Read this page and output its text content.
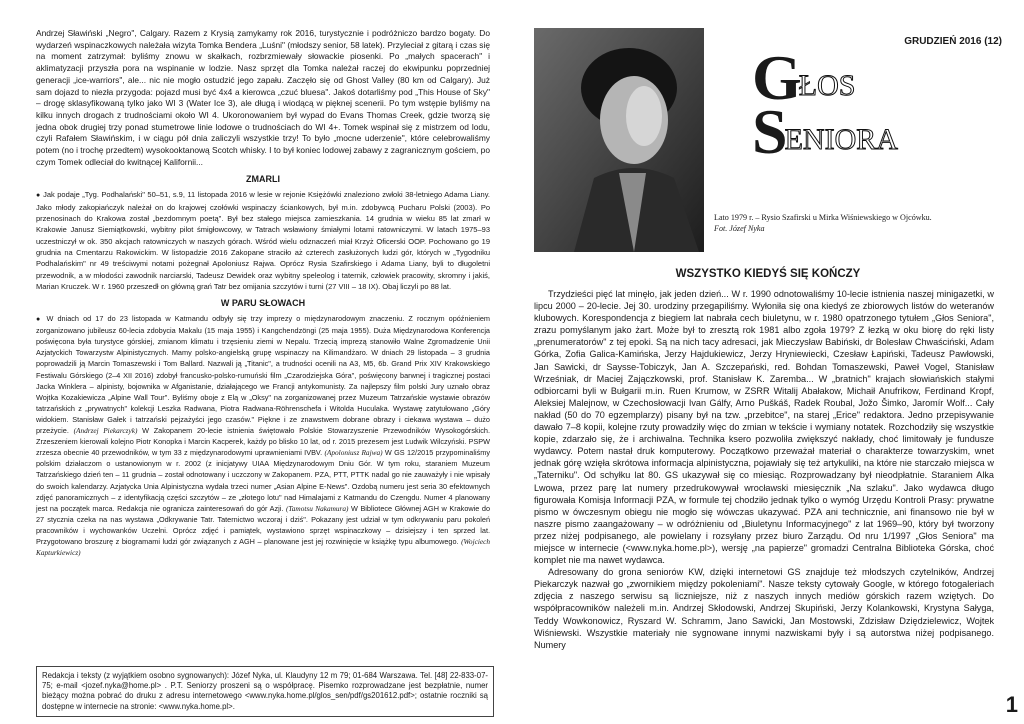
Andrzej Sławiński „Negro", Calgary. Razem z Krysią zamykamy rok 2016, turystycznie i podróżniczo bardzo bogaty. Do wydarzeń wspinaczkowych należała wizyta Tomka Bendera „Luśni" (młodszy senior, 58 latek). Przyleciał z gitarą i czas się na moment zatrzymał: byliśmy znowu w skałkach, rozbrzmiewały słowackie piosenki. Po „małych spacerach" i aklimatyzacji przyszła pora na wspinanie w lodzie. Nasz sprzęt dla Tomka należał raczej do ekwipunku poprzedniej generacji „ice-warriors", ale... nic nie mogło ostudzić jego zapału. Zaczęło się od Ghost Valley (80 km od Calgary). Już sam dojazd to niezła przygoda: pojazd musi być 4x4 a kierowca „czuć bluesa". Jakoś dotarliśmy pod „This House of Sky" – drogę sklasyfikowaną tylko jako WI 3 (Water Ice 3), ale długą i wiodącą w pięknej scenerii. Po tym wstępie byliśmy na kilku innych drogach z trudnościami około WI 4. Ukoronowaniem był wypad do Evans Thomas Creek, gdzie tworzą się jedna obok drugiej trzy ponad stumetrowe linie lodowe o trudnościach do WI 4+. Tomek wspinał się z mistrzem od lodu, czyli Rafałem Sławińskim, i w ciągu pół dnia zaliczyli wszystkie trzy! To było „mocne uderzenie", które celebrowaliśmy potem (no i trochę przedtem) wysokooktanową Scotch whisky. I to był koniec lodowej zabawy z zagranicznym gościem, po czym Tomek odleciał do kwitnącej Kalifornii...

ZMARLI

● Jak podaje „Tyg. Podhalański" 50–51, s.9, 11 listopada 2016 w lesie w rejonie Księżówki znaleziono zwłoki 38-letniego Adama Liany. Jako młody zakopiańczyk należał on do krajowej czołówki wspinaczy ściankowych, był m.in. zdobywcą Pucharu Polski (2003). Po przenosinach do Krakowa został „bezdomnym poetą". Był bez stałego miejsca zamieszkania. 14 grudnia w wieku 85 lat zmarł w Krakowie Janusz Siemiątkowski, wybitny pilot śmigłowcowy, w Tatrach wsławiony śmiałymi lotami ratowniczymi. W latach 1975–93 uczestniczył w ok. 350 akcjach ratowniczych w naszych górach. Wśród wielu odznaczeń miał Krzyż Oficerski OOP. Pochowano go 19 grudnia na Cmentarzu Rakowickim. W listopadzie 2016 Zakopane straciło aż czterech zasłużonych ludzi gór, których w „Tygodniku Podhalańskim" nr 49 treściwymi notami pożegnał Apoloniusz Rajwa. Oprócz Rysia Szafirskiego i Adama Liany, byli to długoletni przewodnik, a w młodości zawodnik narciarski, Tadeusz Dewidek oraz wybitny speleolog i taternik, człowiek pracowity, skromny i jakiś, Marian Kruczek. W r. 1960 przeszedł on główną grań Tatr bez omijania szczytów i turni (27 VIII – 18 IX). Obaj liczyli po 88 lat.

W PARU SŁOWACH

● W dniach od 17 do 23 listopada w Katmandu odbyły się trzy imprezy o międzynarodowym znaczeniu. Z rocznym opóźnieniem zorganizowano jubileusz 60-lecia zdobycia Makalu (15 maja 1955) i Kangchendzöngi (25 maja 1955). Duża Międzynarodowa Konferencja poświęcona była turystyce górskiej, zmianom klimatu i trzęsieniu ziemi w Nepalu. Trzecią imprezą stanowiło Walne Zgromadzenie Unii Azjatyckich Towarzystw Alpinistycznych. Mamy polsko-angielską grupę wspinaczy na Kilimandżaro. W dniach 29 listopada – 3 grudnia poprowadzili ją Marcin Tomaszewski i Tom Ballard. Nazwali ją „Titanic", a trudności ocenili na A3, M5, 6b. Grand Prix XIV Krakowskiego Festiwalu Górskiego (2–4 XII 2016) zdobył francusko-polsko-rumuński film „Czarodziejska Góra", poświęcony barwnej i tragicznej postaci Jacka Winklera – alpinisty, bojownika w Afganistanie, działającego we Francji antykomunisty. Za najlepszy film polski Jury uznało obraz Wojtka Kozakiewicza „Alpine Wall Tour". Byliśmy oboje z Elą w „Oksy" na zorganizowanej przez Muzeum Tatrzańskie wystawie obrazów tatrzańskich z „prywatnych" kolekcji Leszka Radwana, Piotra Radwana-Röhrenschefa i Witolda Huculaka. Wystawę zatytułowano „Góry widokiem. Stanisław Gałek i tatrzański pejzażyści jego czasów." Piękne i ze znawstwem dobrane obrazy i ciekawa wystawa – dużo przeżycie. (Andrzej Piekarczyk) W Zakopanem 20-lecie istnienia świętowało Polskie Stowarzyszenie Przewodników Wysokogórskich. Zrzeszeniem kierowali kolejno Piotr Konopka i Marcin Kacperek, każdy po blisko 10 lat, od r. 2015 prezesem jest Ludwik Wilczyński. PSPW zrzesza obecnie 40 przewodników, w tym 33 z międzynarodowymi uprawnieniami IVBV. (Apoloniusz Rajwa) W GS 12/2015 przypominaliśmy polskim działaczom o ustanowionym w r. 2002 (z inicjatywy UIAA Międzynarodowym Dniu Gór. W tym roku, staraniem Muzeum Tatrzańskiego dzień ten – 11 grudnia – został odnotowany i uczczony w Zakopanem. PZA, PTT, PTTK nadal go nie zauważyły i nie wpisały do swoich kalendarzy. Azjatycka Unia Alpinistyczna wydała trzeci numer „Asian Alpine E-News". Ozdobą numeru jest seria 30 efektownych zdjęć panoramicznych – z identyfikacją części szczytów – ze „złotego lotu" nad Himalajami z Katmandu do Czengdu. Numer 4 planowany jest na początek marca. Redakcja nie ogranicza zainteresowań do gór Azji. (Tamotsu Nakamura) W Bibliotece Głównej AGH w Krakowie do 27 stycznia czeka na nas wystawa „Odkrywanie Tatr. Taternictwo wczoraj i dziś". Pokazany jest udział w tym odkrywaniu paru pokoleń pracowników i wychowanków Uczelni. Oprócz zdjęć i pamiątek, wystawiono sprzęt wspinaczkowy – dzisiejszy i ten sprzed lat. Przygotowano broszurę z biogramami ludzi gór związanych z AGH – planowane jest jej rozwinięcie w książkę typu albumowego. (Wojciech Kapturkiewicz)

Redakcja i teksty (z wyjątkiem osobno sygnowanych): Józef Nyka, ul. Klaudyny 12 m 79; 01-684 Warszawa. Tel. [48] 22-833-07-75; e-mail <jozef.nyka@home.pl> . P.T. Seniorzy proszeni są o współpracę. Pisemko rozprowadzane jest bezpłatnie, numer bieżący można pobrać do druku z adresu internetowego <www.nyka.home.pl/glos_sen/pdf/gs201612.pdf>; ostatnie roczniki są dostępne w internecie na stronie: <www.nyka.home.pl>.
GRUDZIEŃ 2016 (12)
G
ŁOS
S
ENIORA
Lato 1979 r. – Rysio Szafirski u Mirka Wiśniewskiego w Ojcówku.
Fot. Józef Nyka
WSZYSTKO KIEDYŚ SIĘ KOŃCZY

Trzydzieści pięć lat minęło, jak jeden dzień... W r. 1990 odnotowaliśmy 10-lecie istnienia naszej minigazetki, w lipcu 2000 – 20-lecie. Jej 30. urodziny przegapiliśmy. Wyłoniła się ona kiedyś ze zbiorowych listów do weteranów klubowych. Korespondencja z biegiem lat nabrała cech biuletynu, w r. 1980 opatrzonego tytułem „Głos Seniora", zrazu pomyślanym jako żart. Może był to zresztą rok 1981 albo zgoła 1979? Z łezką w oku biorę do ręki listy „prenumeratorów" z tej epoki. Są na nich tacy adresaci, jak Mieczysław Babiński, dr Bolesław Chwaściński, Adam Górka, Zofia Galica-Kamińska, Jerzy Hajdukiewicz, Jerzy Hryniewiecki, Czesław Łapiński, Tadeusz Pawłowski, Jan Sawicki, dr Saysse-Tobiczyk, Jan A. Szczepański, red. Bohdan Tomaszewski, Paweł Vogel, Stanisław Wrześniak, dr Maciej Zajączkowski, prof. Stanisław K. Zaremba... W „bratnich" krajach słowiańskich stałymi odbiorcami byli w Bułgarii m.in. Ruen Krumow, w ZSRR Witalij Abałakow, Michaił Anufrikow, Ferdinand Kropf, Aleksiej Malejnow, w Czechosłowacji Ivan Gálfy, Arno Puškáš, Radek Roubal, Jožo Šimko, Jaromír Wolf... Cały nakład (50 do 70 egzemplarzy) pisany był na tzw. „przebitce", na starej „Erice" redaktora. Jedno przepisywanie dawało 7–8 kopii, kolejne rzuty prowadziły więc do zmian w tekście i wymiany notatek. Rozchodziły się wszystkie kopie, zdarzało się, że i archiwalna. Technika ksero pozwoliła zwiększyć nakłady, choć limitowały je fundusze wydawcy. Potem nastał druk komputerowy. Początkowo przeważał materiał o charakterze towarzyskim, wnet jednak górę wzięła skrótowa informacja alpinistyczna, pojawiały się też artykuliki, na które nie starczało miejsca w „Taterniku". Od schyłku lat 80. GS ukazywał się co miesiąc. Rozprowadzany był nieodpłatnie. Staraniem Alka Lwowa, przez parę lat numery przedrukowywał wrocławski miesięcznik „Na szlaku". Jako wydawca długo figurowała Komisja Informacji PZA, w formule tej chodziło jednak tylko o wymóg Urzędu Kontroli Prasy: prywatne pismo w ówczesnym obiegu nie mogło się wówczas ukazywać. PZA ani technicznie, ani finansowo nie był w naszre pismo zaangażowany – w odróżnieniu od „Biuletynu Informacyjnego" z lat 1969–90, który był tworzony przez niżej podpisanego, ale powielany i rozsyłany przez biuro Zarządu. Od nru 1/1997 „Głos Seniora" ma miejsce w internecie (<www.nyka.home.pl>), wersję „na papierze" gromadzi Centralna Biblioteka Górska, choć komplet nie ma nawet wydawca.

Adresowany do grona seniorów KW, dzięki internetowi GS znajduje też młodszych czytelników, Andrzej Piekarczyk nazwał go „zwornikiem między pokoleniami". Nasze teksty cytowały Google, w którego fotogaleriach zdjęcia z naszego serwisu są liczniejsze, niż z naszych innych mediów górskich razem wziętych. Do współpracowników należeli m.in. Andrzej Skłodowski, Andrzej Skupiński, Jerzy Kolankowski, Krystyna Sałyga, Teddy Wowkonowicz, Ryszard W. Schramm, Jano Sawicki, Jan Mostowski, Zdzisław Dziędzielewicz, Wojtek Wiśniewski. Wszystkie materiały nie sygnowane innymi nazwiskami były i są autorstwa niżej podpisanego. Numery

1
